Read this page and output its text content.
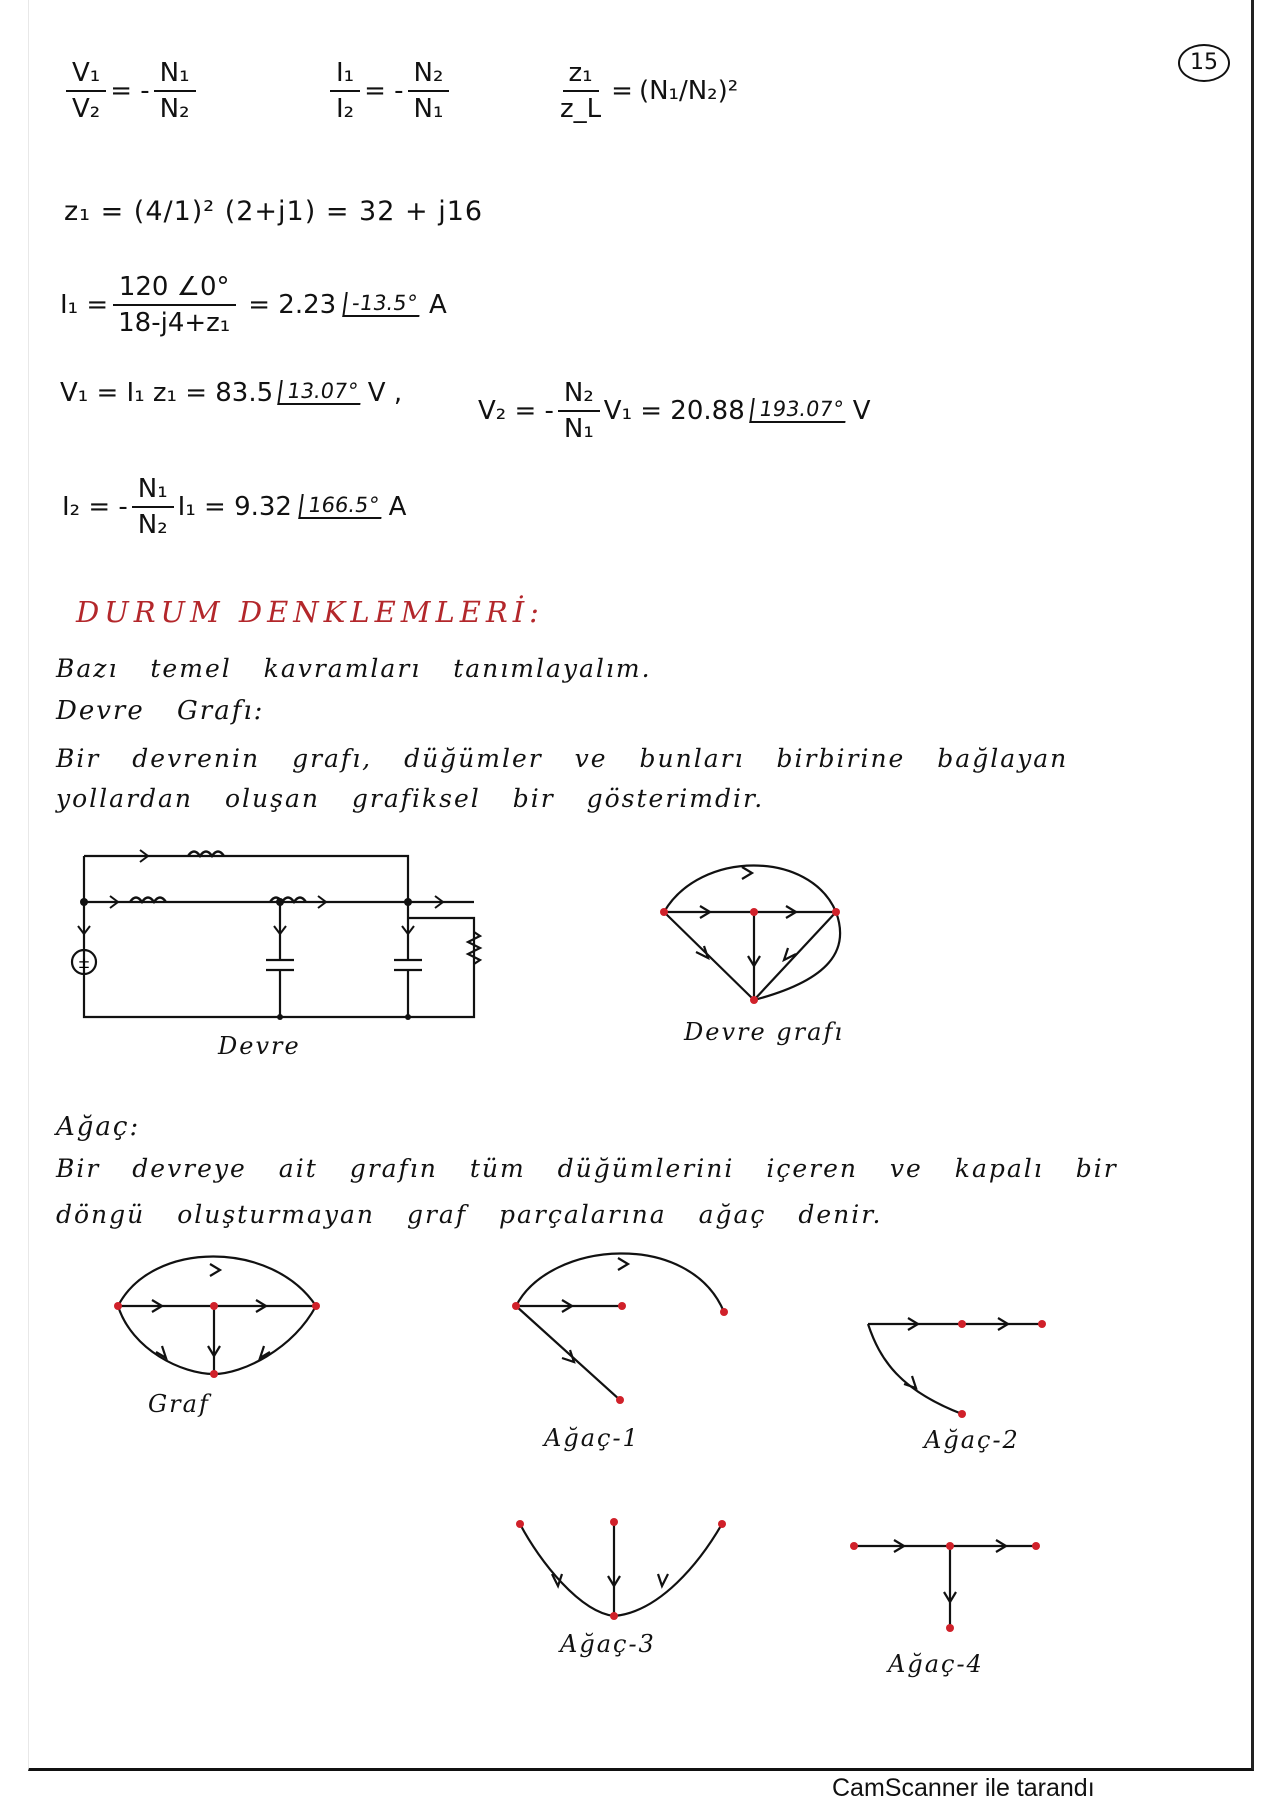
15
$\frac{\text{V₁}}{\text{V₂}}$ = - $\frac{\text{N₁}}{\text{N₂}}$	$\frac{\text{I₁}}{\text{I₂}}$ = - $\frac{\text{N₂}}{\text{N₁}}$	$\frac{\text{z₁}}{z\_L} = (N_1/N_2)^2$
z₁ = (4/1)² (2+j1) = 32 + j16
$I_1 = \frac{120 \angle 0^\circ}{\text{18-j4+z₁}} = 2.23$ -13.5° A
V₁ = I₁ z₁ = 83.5 13.07° V ,
V₂ = - $\frac{\text{N₂}}{\text{N₁}} V_1 = 20.88$ 193.07° V
I₂ = - $\frac{\text{N₁}}{\text{N₂}} I_1 = 9.32$ 166.5° A
DURUM DENKLEMLERİ:
Bazı temel kavramları tanımlayalım.
Devre Grafı:
Bir devrenin grafı, düğümler ve bunları birbirine bağlayan
yollardan oluşan grafiksel bir gösterimdir.
±
Devre	Devre grafı
Ağaç:
Bir devreye ait grafın tüm düğümlerini içeren ve kapalı bir
döngü oluşturmayan graf parçalarına ağaç denir.
Graf
Ağaç-1	Ağaç-2
Ağaç-3
Ağaç-4
CamScanner ile tarandı
